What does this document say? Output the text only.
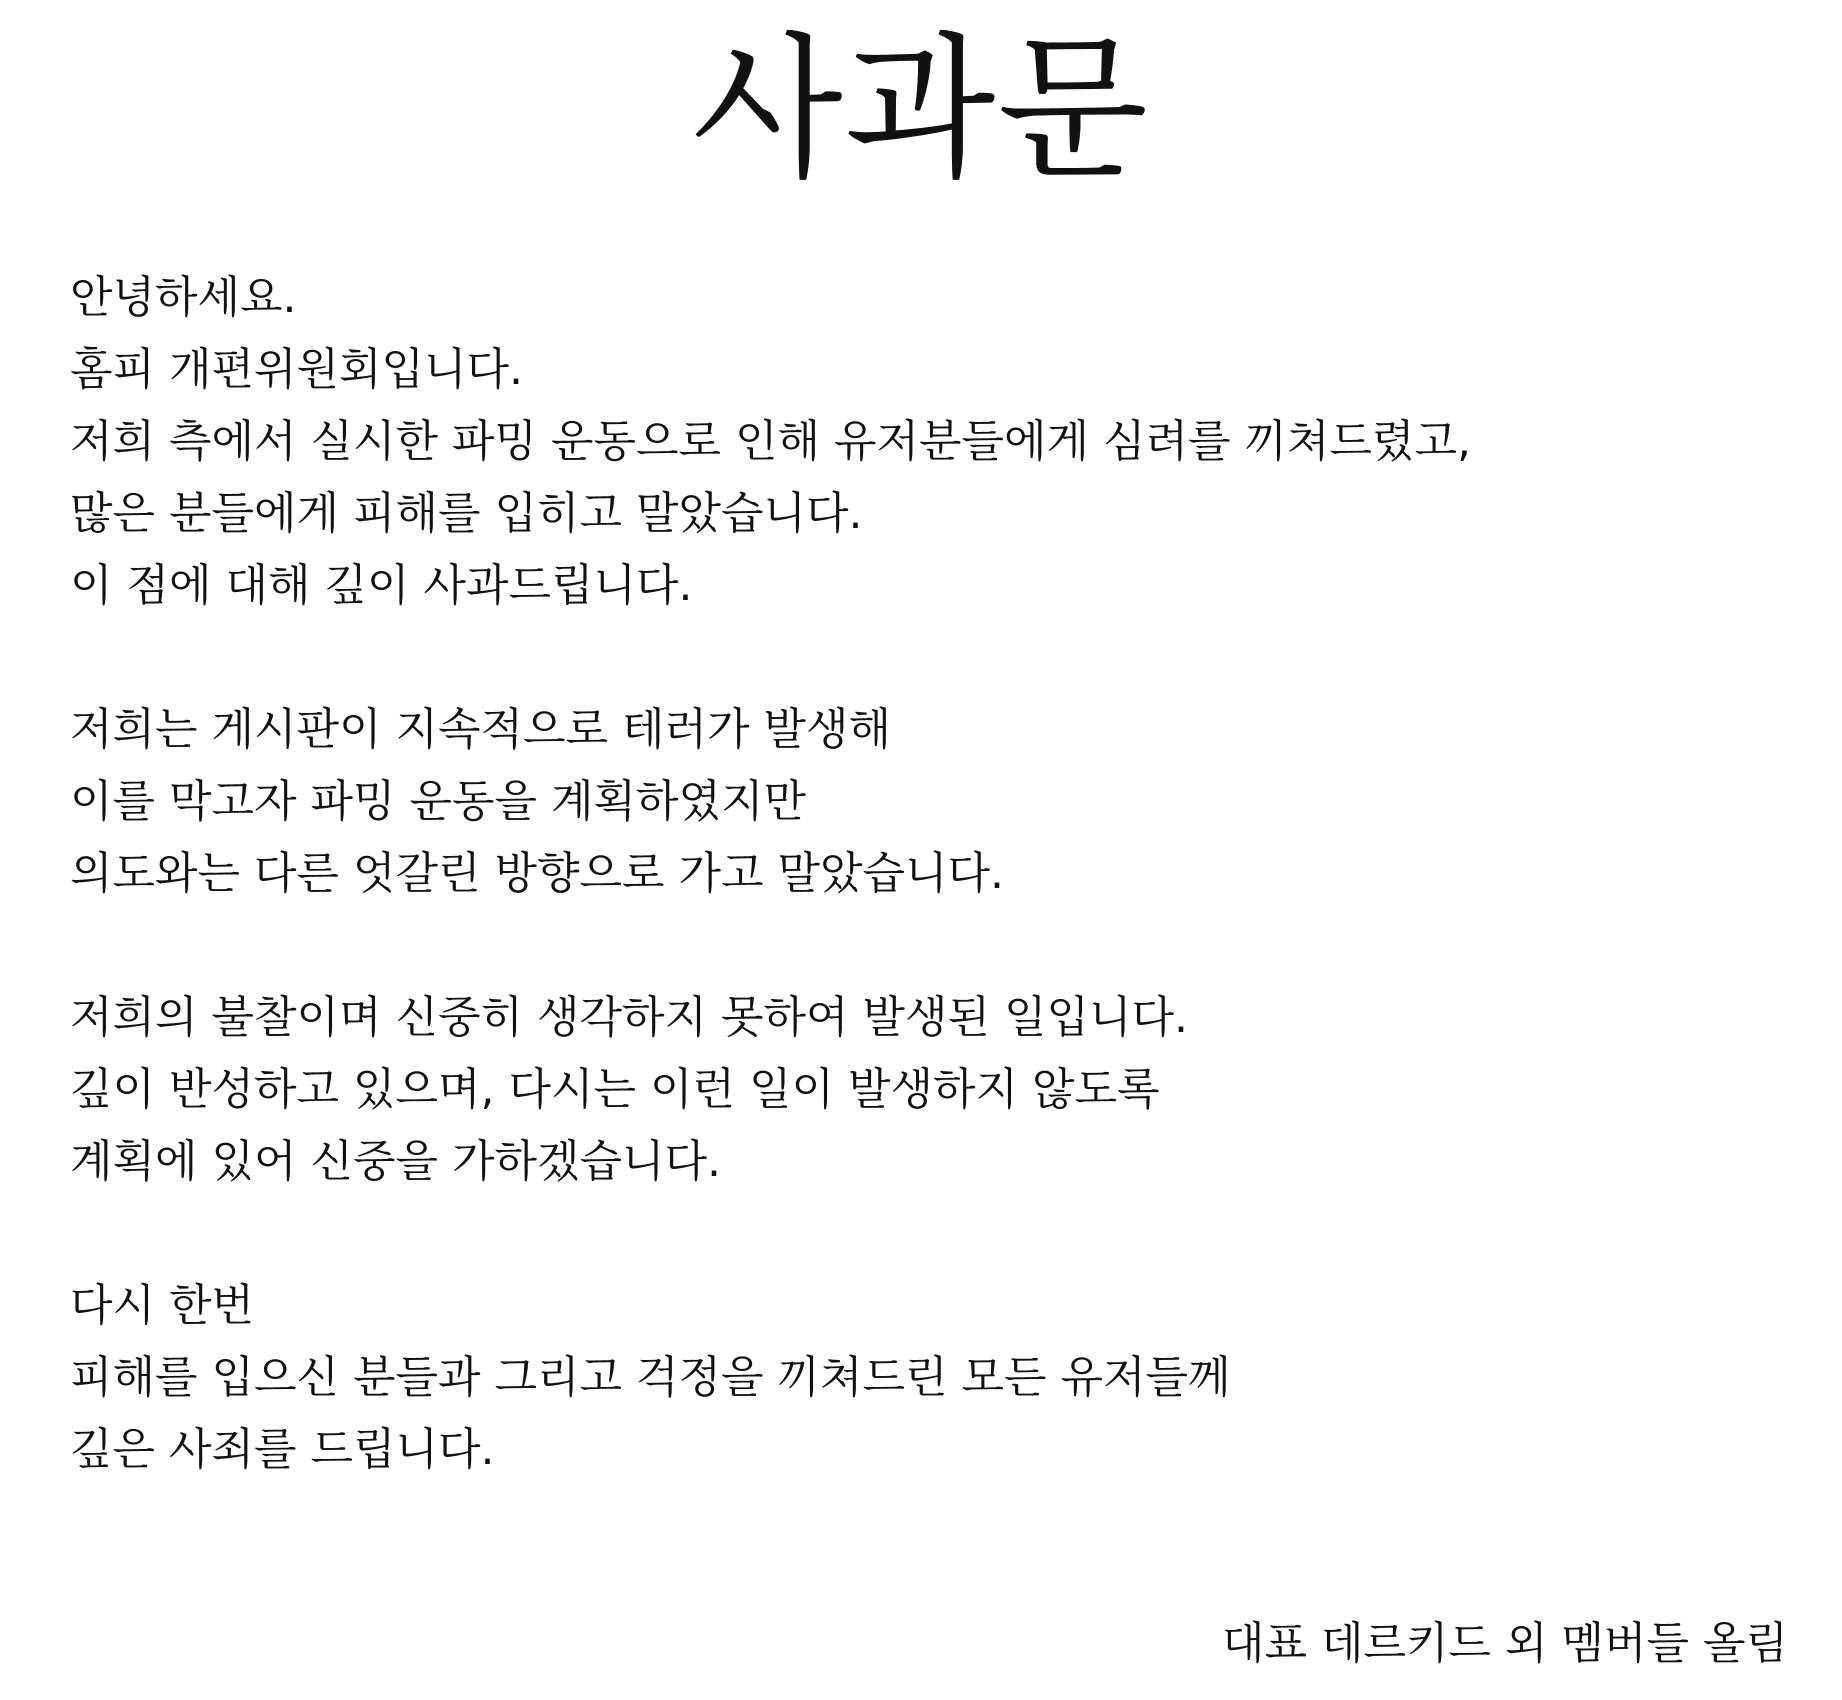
사과문
안녕하세요.
홈피 개편위원회입니다.
저희 측에서 실시한 파밍 운동으로 인해 유저분들에게 심려를 끼쳐드렸고,
많은 분들에게 피해를 입히고 말았습니다.
이 점에 대해 깊이 사과드립니다.
저희는 게시판이 지속적으로 테러가 발생해
이를 막고자 파밍 운동을 계획하였지만
의도와는 다른 엇갈린 방향으로 가고 말았습니다.
저희의 불찰이며 신중히 생각하지 못하여 발생된 일입니다.
깊이 반성하고 있으며, 다시는 이런 일이 발생하지 않도록
계획에 있어 신중을 가하겠습니다.
다시 한번
피해를 입으신 분들과 그리고 걱정을 끼쳐드린 모든 유저들께
깊은 사죄를 드립니다.
대표 데르키드 외 멤버들 올림
